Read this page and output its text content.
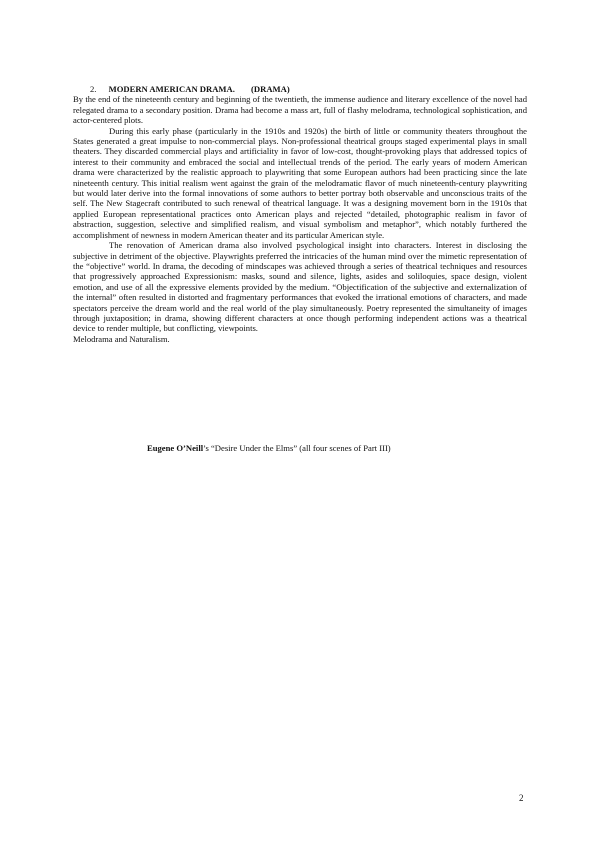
2. MODERN AMERICAN DRAMA. (DRAMA)

By the end of the nineteenth century and beginning of the twentieth, the immense audience and literary excellence of the novel had relegated drama to a secondary position. Drama had become a mass art, full of flashy melodrama, technological sophistication, and actor-centered plots.

During this early phase (particularly in the 1910s and 1920s) the birth of little or community theaters throughout the States generated a great impulse to non-commercial plays. Non-professional theatrical groups staged experimental plays in small theaters. They discarded commercial plays and artificiality in favor of low-cost, thought-provoking plays that addressed topics of interest to their community and embraced the social and intellectual trends of the period. The early years of modern American drama were characterized by the realistic approach to playwriting that some European authors had been practicing since the late nineteenth century. This initial realism went against the grain of the melodramatic flavor of much nineteenth-century playwriting but would later derive into the formal innovations of some authors to better portray both observable and unconscious traits of the self. The New Stagecraft contributed to such renewal of theatrical language. It was a designing movement born in the 1910s that applied European representational practices onto American plays and rejected “detailed, photographic realism in favor of abstraction, suggestion, selective and simplified realism, and visual symbolism and metaphor”, which notably furthered the accomplishment of newness in modern American theater and its particular American style.

The renovation of American drama also involved psychological insight into characters. Interest in disclosing the subjective in detriment of the objective. Playwrights preferred the intricacies of the human mind over the mimetic representation of the “objective” world. In drama, the decoding of mindscapes was achieved through a series of theatrical techniques and resources that progressively approached Expressionism: masks, sound and silence, lights, asides and soliloquies, space design, violent emotion, and use of all the expressive elements provided by the medium. “Objectification of the subjective and externalization of the internal” often resulted in distorted and fragmentary performances that evoked the irrational emotions of characters, and made spectators perceive the dream world and the real world of the play simultaneously. Poetry represented the simultaneity of images through juxtaposition; in drama, showing different characters at once though performing independent actions was a theatrical device to render multiple, but conflicting, viewpoints.

Melodrama and Naturalism.

Eugene O’Neill’s “Desire Under the Elms” (all four scenes of Part III)
2
